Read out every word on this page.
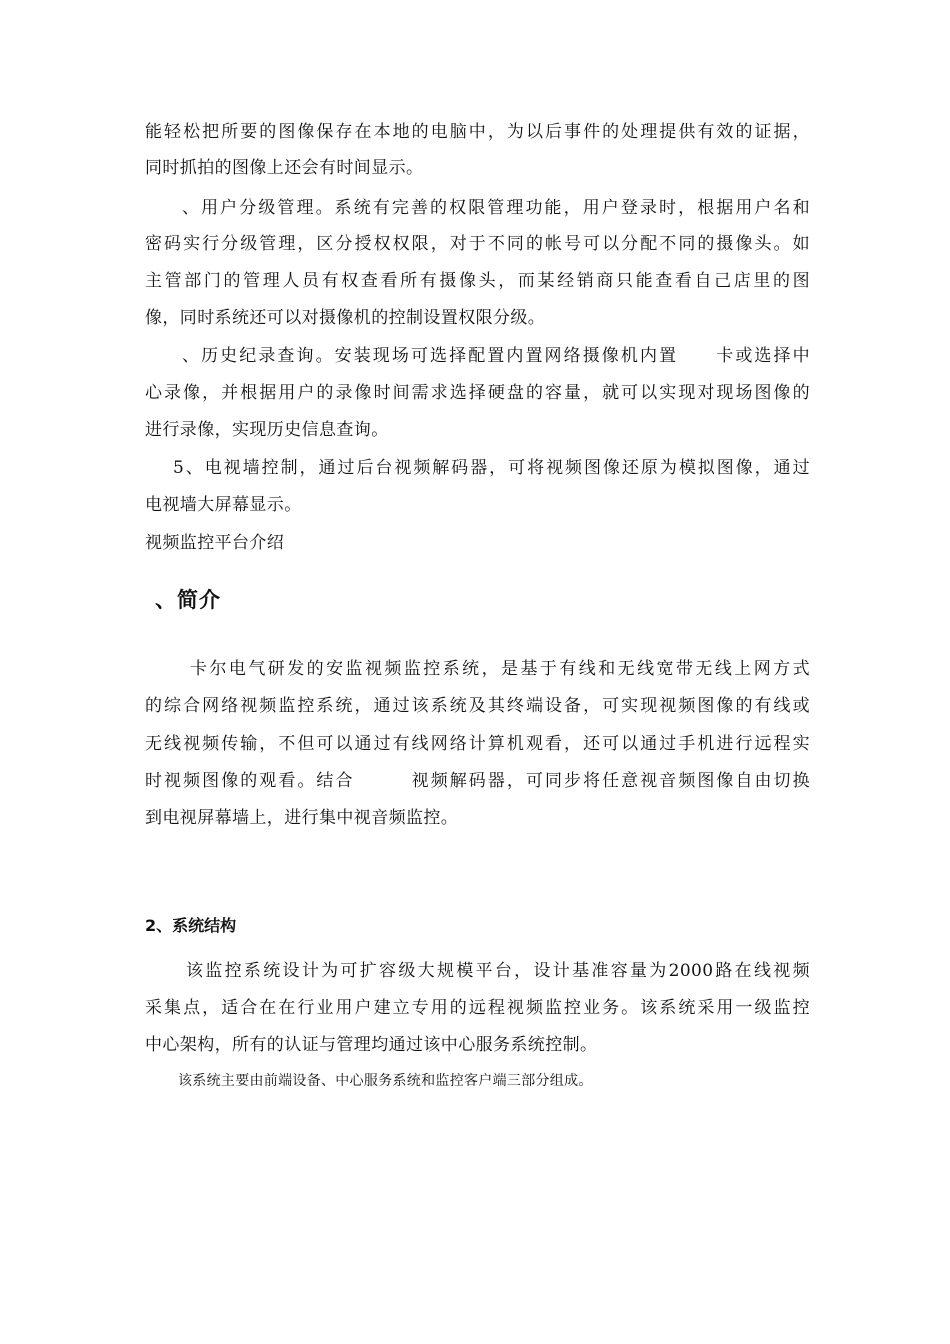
能轻松把所要的图像保存在本地的电脑中，为以后事件的处理提供有效的证据，
同时抓拍的图像上还会有时间显示。
、用户分级管理。系统有完善的权限管理功能，用户登录时，根据用户名和
密码实行分级管理，区分授权权限，对于不同的帐号可以分配不同的摄像头。如
主管部门的管理人员有权查看所有摄像头，而某经销商只能查看自己店里的图
像，同时系统还可以对摄像机的控制设置权限分级。
、历史纪录查询。安装现场可选择配置内置网络摄像机内置　　卡或选择中
心录像，并根据用户的录像时间需求选择硬盘的容量，就可以实现对现场图像的
进行录像，实现历史信息查询。
5、电视墙控制，通过后台视频解码器，可将视频图像还原为模拟图像，通过
电视墙大屏幕显示。
视频监控平台介绍
、简介
卡尔电气研发的安监视频监控系统，是基于有线和无线宽带无线上网方式
的综合网络视频监控系统，通过该系统及其终端设备，可实现视频图像的有线或
无线视频传输，不但可以通过有线网络计算机观看，还可以通过手机进行远程实
时视频图像的观看。结合　　　视频解码器，可同步将任意视音频图像自由切换
到电视屏幕墙上，进行集中视音频监控。
2、系统结构
该监控系统设计为可扩容级大规模平台，设计基准容量为2000路在线视频
采集点，适合在在行业用户建立专用的远程视频监控业务。该系统采用一级监控
中心架构，所有的认证与管理均通过该中心服务系统控制。
该系统主要由前端设备、中心服务系统和监控客户端三部分组成。
